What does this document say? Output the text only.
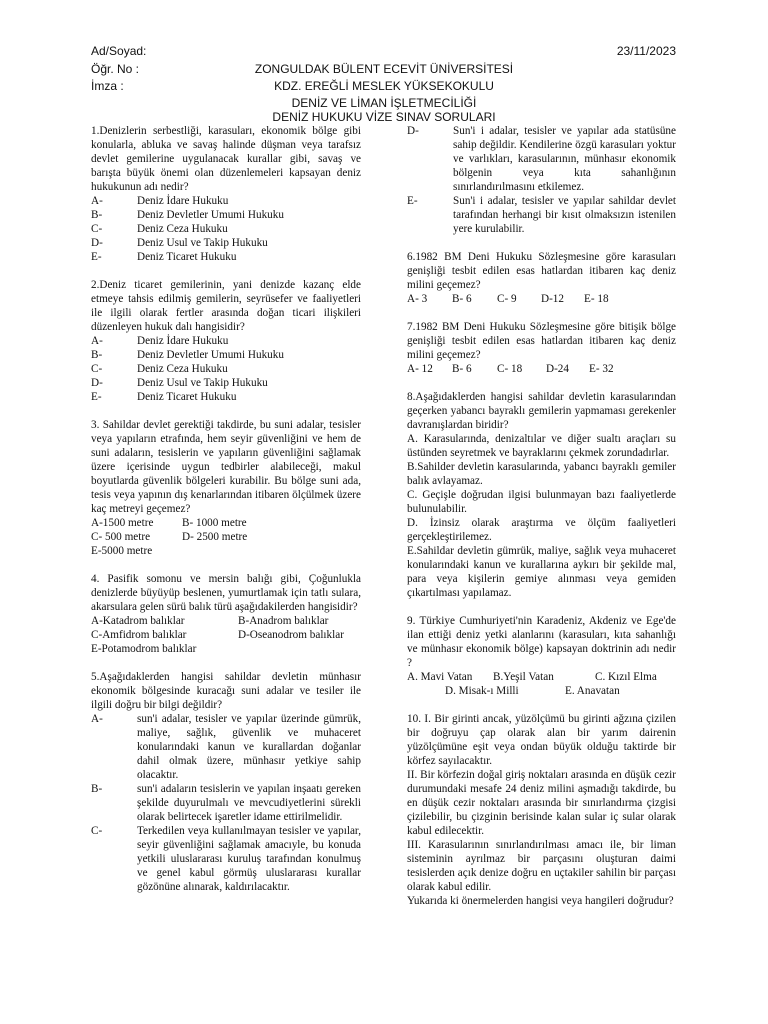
Ad/Soyad:	23/11/2023
Öğr. No :
İmza :
ZONGULDAK BÜLENT ECEVİT ÜNİVERSİTESİ
KDZ. EREĞLİ MESLEK YÜKSEKOKULU
DENİZ VE LİMAN İŞLETMECİLİĞİ
DENİZ HUKUKU VİZE SINAV SORULARI
1.Denizlerin serbestliği, karasuları, ekonomik bölge gibi konularla, abluka ve savaş halinde düşman veya tarafsız devlet gemilerine uygulanacak kurallar gibi, savaş ve barışta büyük önemi olan düzenlemeleri kapsayan deniz hukukunun adı nedir?
A-	Deniz İdare Hukuku
B-	Deniz Devletler Umumi Hukuku
C-	Deniz Ceza Hukuku
D-	Deniz Usul ve Takip Hukuku
E-	Deniz Ticaret Hukuku
2.Deniz ticaret gemilerinin, yani denizde kazanç elde etmeye tahsis edilmiş gemilerin, seyrüsefer ve faaliyetleri ile ilgili olarak fertler arasında doğan ticari ilişkileri düzenleyen hukuk dalı hangisidir?
A-	Deniz İdare Hukuku
B-	Deniz Devletler Umumi Hukuku
C-	Deniz Ceza Hukuku
D-	Deniz Usul ve Takip Hukuku
E-	Deniz Ticaret Hukuku
3. Sahildar devlet gerektiği takdirde, bu suni adalar, tesisler veya yapıların etrafında, hem seyir güvenliğini ve hem de suni adaların, tesislerin ve yapıların güvenliğini sağlamak üzere içerisinde uygun tedbirler alabileceği, makul boyutlarda güvenlik bölgeleri kurabilir. Bu bölge suni ada, tesis veya yapının dış kenarlarından itibaren ölçülmek üzere kaç metreyi geçemez?
A-1500 metre	B- 1000 metre
C- 500 metre	D- 2500 metre
E-5000 metre
4. Pasifik somonu ve mersin balığı gibi, Çoğunlukla denizlerde büyüyüp beslenen, yumurtlamak için tatlı sulara, akarsulara gelen sürü balık türü aşağıdakilerden hangisidir?
A-Katadrom balıklar	B-Anadrom balıklar
C-Amfidrom balıklar	D-Oseanodrom balıklar
E-Potamodrom balıklar
5.Aşağıdaklerden hangisi sahildar devletin münhasır ekonomik bölgesinde kuracağı suni adalar ve tesiler ile ilgili doğru bir bilgi değildir?
A-	sun'i adalar, tesisler ve yapılar üzerinde gümrük, maliye, sağlık, güvenlik ve muhaceret konularındaki kanun ve kurallardan doğanlar dahil olmak üzere, münhasır yetkiye sahip olacaktır.
B-	sun'i adaların tesislerin ve yapılan inşaatı gereken şekilde duyurulmalı ve mevcudiyetlerini sürekli olarak belirtecek işaretler idame ettirilmelidir.
C-	Terkedilen veya kullanılmayan tesisler ve yapılar, seyir güvenliğini sağlamak amacıyle, bu konuda yetkili uluslararası kuruluş tarafından konulmuş ve genel kabul görmüş uluslararası kurallar gözönüne alınarak, kaldırılacaktır.
D-	Sun'i i adalar, tesisler ve yapılar ada statüsüne sahip değildir. Kendilerine özgü karasuları yoktur ve varlıkları, karasularının, münhasır ekonomik bölgenin veya kıta sahanlığının sınırlandırılmasını etkilemez.
E-	Sun'i i adalar, tesisler ve yapılar sahildar devlet tarafından herhangi bir kısıt olmaksızın istenilen yere kurulabilir.
6.1982 BM Deni Hukuku Sözleşmesine göre karasuları genişliği tesbit edilen esas hatlardan itibaren kaç deniz milini geçemez?
A- 3	B- 6	C- 9	D-12	E- 18
7.1982 BM Deni Hukuku Sözleşmesine göre bitişik bölge genişliği tesbit edilen esas hatlardan itibaren kaç deniz milini geçemez?
A- 12	B- 6	C- 18	D-24	E- 32
8.Aşağıdaklerden hangisi sahildar devletin karasularından geçerken yabancı bayraklı gemilerin yapmaması gerekenler davranışlardan biridir?
A. Karasularında, denizaltılar ve diğer sualtı araçları su üstünden seyretmek ve bayraklarını çekmek zorundadırlar.
B.Sahilder devletin karasularında, yabancı bayraklı gemiler balık avlayamaz.
C. Geçişle doğrudan ilgisi bulunmayan bazı faaliyetlerde bulunulabilir.
D. İzinsiz olarak araştırma ve ölçüm faaliyetleri gerçekleştirilemez.
E.Sahildar devletin gümrük, maliye, sağlık veya muhaceret konularındaki kanun ve kurallarına aykırı bir şekilde mal, para veya kişilerin gemiye alınması veya gemiden çıkartılması yapılamaz.
9. Türkiye Cumhuriyeti'nin Karadeniz, Akdeniz ve Ege'de ilan ettiği deniz yetki alanlarını (karasuları, kıta sahanlığı ve münhasır ekonomik bölge) kapsayan doktrinin adı nedir ?
A. Mavi Vatan	B.Yeşil Vatan	C. Kızıl Elma
D. Misak-ı Milli	E. Anavatan
10. I. Bir girinti ancak, yüzölçümü bu girinti ağzına çizilen bir doğruyu çap olarak alan bir yarım dairenin yüzölçümüne eşit veya ondan büyük olduğu taktirde bir körfez sayılacaktır.
II. Bir körfezin doğal giriş noktaları arasında en düşük cezir durumundaki mesafe 24 deniz milini aşmadığı takdirde, bu en düşük cezir noktaları arasında bir sınırlandırma çizgisi çizilebilir, bu çizginin berisinde kalan sular iç sular olarak kabul edilecektir.
III. Karasularının sınırlandırılması amacı ile, bir liman sisteminin ayrılmaz bir parçasını oluşturan daimi tesislerden açık denize doğru en uçtakiler sahilin bir parçası olarak kabul edilir.
Yukarıda ki önermelerden hangisi veya hangileri doğrudur?
